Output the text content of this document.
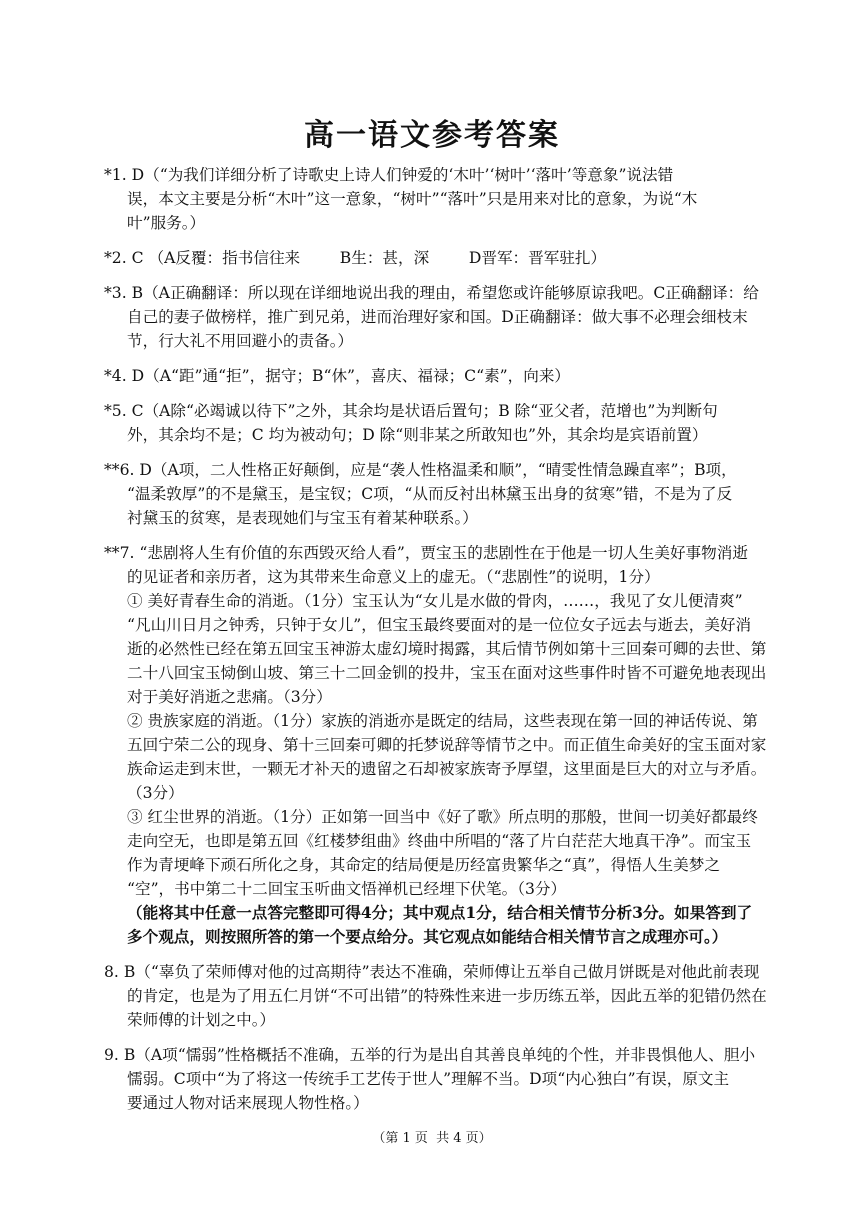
高一语文参考答案
*1. D（“为我们详细分析了诗歌史上诗人们钟爱的‘木叶’‘树叶’‘落叶’等意象”说法错
误，本文主要是分析“木叶”这一意象，“树叶”“落叶”只是用来对比的意象，为说“木
叶”服务。）
*2. C （A反覆：指书信往来        B生：甚，深        D晋军：晋军驻扎）
*3. B（A正确翻译：所以现在详细地说出我的理由，希望您或许能够原谅我吧。C正确翻译：给
自己的妻子做榜样，推广到兄弟，进而治理好家和国。D正确翻译：做大事不必理会细枝末
节，行大礼不用回避小的责备。）
*4. D（A“距”通“拒”，据守；B“休”，喜庆、福禄；C“素”，向来）
*5. C（A除“必竭诚以待下”之外，其余均是状语后置句；B 除“亚父者，范增也”为判断句
外，其余均不是；C 均为被动句；D 除“则非某之所敢知也”外，其余均是宾语前置）
**6. D（A项，二人性格正好颠倒，应是“袭人性格温柔和顺”，“晴雯性情急躁直率”；B项，
“温柔敦厚”的不是黛玉，是宝钗；C项，“从而反衬出林黛玉出身的贫寒”错，不是为了反
衬黛玉的贫寒，是表现她们与宝玉有着某种联系。）
**7. “悲剧将人生有价值的东西毁灭给人看”，贾宝玉的悲剧性在于他是一切人生美好事物消逝
的见证者和亲历者，这为其带来生命意义上的虚无。（“悲剧性”的说明，1分）
① 美好青春生命的消逝。（1分）宝玉认为“女儿是水做的骨肉，……，我见了女儿便清爽”
“凡山川日月之钟秀，只钟于女儿”，但宝玉最终要面对的是一位位女子远去与逝去，美好消
逝的必然性已经在第五回宝玉神游太虚幻境时揭露，其后情节例如第十三回秦可卿的去世、第
二十八回宝玉恸倒山坡、第三十二回金钏的投井，宝玉在面对这些事件时皆不可避免地表现出
对于美好消逝之悲痛。（3分）
② 贵族家庭的消逝。（1分）家族的消逝亦是既定的结局，这些表现在第一回的神话传说、第
五回宁荣二公的现身、第十三回秦可卿的托梦说辞等情节之中。而正值生命美好的宝玉面对家
族命运走到末世，一颗无才补天的遗留之石却被家族寄予厚望，这里面是巨大的对立与矛盾。
（3分）
③ 红尘世界的消逝。（1分）正如第一回当中《好了歌》所点明的那般，世间一切美好都最终
走向空无，也即是第五回《红楼梦组曲》终曲中所唱的“落了片白茫茫大地真干净”。而宝玉
作为青埂峰下顽石所化之身，其命定的结局便是历经富贵繁华之“真”，得悟人生美梦之
“空”，书中第二十二回宝玉听曲文悟禅机已经埋下伏笔。（3分）
（能将其中任意一点答完整即可得4分；其中观点1分，结合相关情节分析3分。如果答到了
多个观点，则按照所答的第一个要点给分。其它观点如能结合相关情节言之成理亦可。）
8. B（“辜负了荣师傅对他的过高期待”表达不准确，荣师傅让五举自己做月饼既是对他此前表现
的肯定，也是为了用五仁月饼“不可出错”的特殊性来进一步历练五举，因此五举的犯错仍然在
荣师傅的计划之中。）
9. B（A项“懦弱”性格概括不准确，五举的行为是出自其善良单纯的个性，并非畏惧他人、胆小
懦弱。C项中“为了将这一传统手工艺传于世人”理解不当。D项“内心独白”有误，原文主
要通过人物对话来展现人物性格。）
（第 1 页  共 4 页）
